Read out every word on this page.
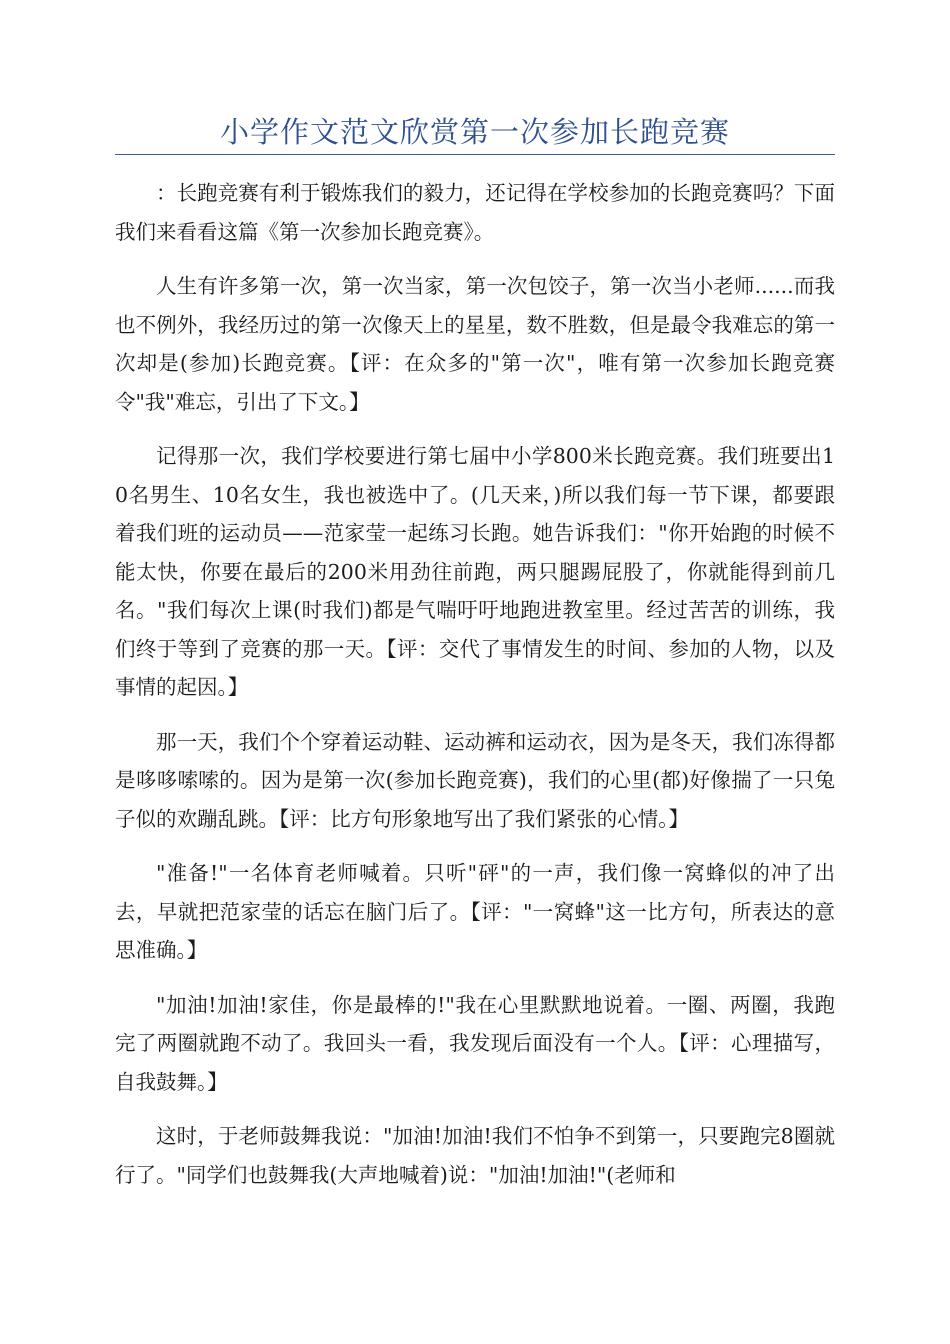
小学作文范文欣赏第一次参加长跑竞赛

：长跑竞赛有利于锻炼我们的毅力，还记得在学校参加的长跑竞赛吗？下面我们来看看这篇《第一次参加长跑竞赛》。

人生有许多第一次，第一次当家，第一次包饺子，第一次当小老师......而我也不例外，我经历过的第一次像天上的星星，数不胜数，但是最令我难忘的第一次却是(参加)长跑竞赛。【评：在众多的"第一次"，唯有第一次参加长跑竞赛令"我"难忘，引出了下文。】

记得那一次，我们学校要进行第七届中小学800米长跑竞赛。我们班要出10名男生、10名女生，我也被选中了。(几天来，)所以我们每一节下课，都要跟着我们班的运动员——范家莹一起练习长跑。她告诉我们："你开始跑的时候不能太快，你要在最后的200米用劲往前跑，两只腿踢屁股了，你就能得到前几名。"我们每次上课(时我们)都是气喘吁吁地跑进教室里。经过苦苦的训练，我们终于等到了竞赛的那一天。【评：交代了事情发生的时间、参加的人物，以及事情的起因。】

那一天，我们个个穿着运动鞋、运动裤和运动衣，因为是冬天，我们冻得都是哆哆嗦嗦的。因为是第一次(参加长跑竞赛)，我们的心里(都)好像揣了一只兔子似的欢蹦乱跳。【评：比方句形象地写出了我们紧张的心情。】

"准备!"一名体育老师喊着。只听"砰"的一声，我们像一窝蜂似的冲了出去，早就把范家莹的话忘在脑门后了。【评："一窝蜂"这一比方句，所表达的意思准确。】

"加油!加油!家佳，你是最棒的!"我在心里默默地说着。一圈、两圈，我跑完了两圈就跑不动了。我回头一看，我发现后面没有一个人。【评：心理描写，自我鼓舞。】

这时，于老师鼓舞我说："加油!加油!我们不怕争不到第一，只要跑完8圈就行了。"同学们也鼓舞我(大声地喊着)说："加油!加油!"(老师和
